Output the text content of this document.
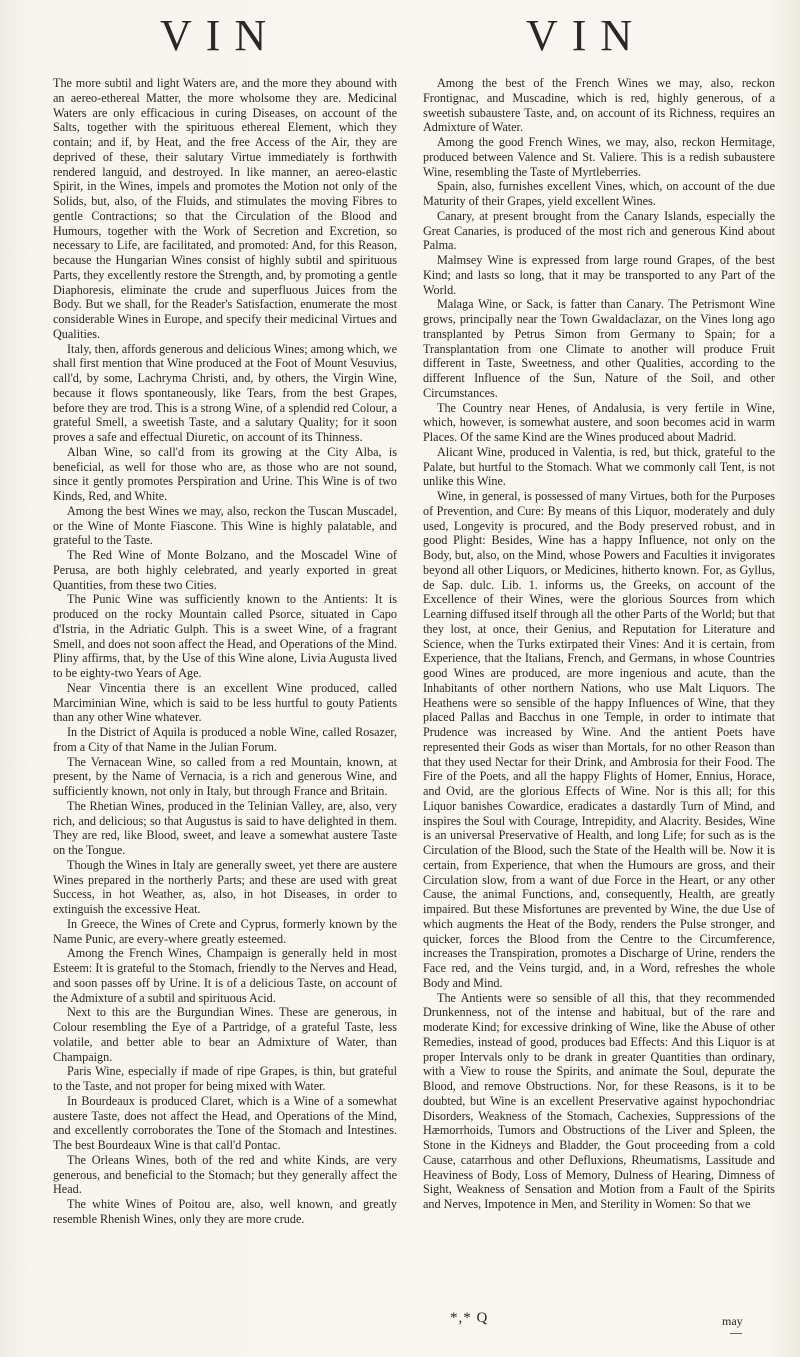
VIN	VIN

The more subtil and light Waters are, and the more they abound with an aereo-ethereal Matter, the more wholsome they are. Medicinal Waters are only efficacious in curing Diseases, on account of the Salts, together with the spirituous ethereal Element, which they contain; and if, by Heat, and the free Access of the Air, they are deprived of these, their salutary Virtue immediately is forthwith rendered languid, and destroyed. In like manner, an aereo-elastic Spirit, in the Wines, impels and promotes the Motion not only of the Solids, but, also, of the Fluids, and stimulates the moving Fibres to gentle Contractions; so that the Circulation of the Blood and Humours, together with the Work of Secretion and Excretion, so necessary to Life, are facilitated, and promoted: And, for this Reason, because the Hungarian Wines consist of highly subtil and spirituous Parts, they excellently restore the Strength, and, by promoting a gentle Diaphoresis, eliminate the crude and superfluous Juices from the Body. But we shall, for the Reader's Satisfaction, enumerate the most considerable Wines in Europe, and specify their medicinal Virtues and Qualities.

Italy, then, affords generous and delicious Wines; among which, we shall first mention that Wine produced at the Foot of Mount Vesuvius, call'd, by some, Lachryma Christi, and, by others, the Virgin Wine, because it flows spontaneously, like Tears, from the best Grapes, before they are trod. This is a strong Wine, of a splendid red Colour, a grateful Smell, a sweetish Taste, and a salutary Quality; for it soon proves a safe and effectual Diuretic, on account of its Thinness.

Alban Wine, so call'd from its growing at the City Alba, is beneficial, as well for those who are, as those who are not sound, since it gently promotes Perspiration and Urine. This Wine is of two Kinds, Red, and White.

Among the best Wines we may, also, reckon the Tuscan Muscadel, or the Wine of Monte Fiascone. This Wine is highly palatable, and grateful to the Taste.

The Red Wine of Monte Bolzano, and the Moscadel Wine of Perusa, are both highly celebrated, and yearly exported in great Quantities, from these two Cities.

The Punic Wine was sufficiently known to the Antients: It is produced on the rocky Mountain called Psorce, situated in Capo d'Istria, in the Adriatic Gulph. This is a sweet Wine, of a fragrant Smell, and does not soon affect the Head, and Operations of the Mind. Pliny affirms, that, by the Use of this Wine alone, Livia Augusta lived to be eighty-two Years of Age.

Near Vincentia there is an excellent Wine produced, called Marciminian Wine, which is said to be less hurtful to gouty Patients than any other Wine whatever.

In the District of Aquila is produced a noble Wine, called Rosazer, from a City of that Name in the Julian Forum.

The Vernacean Wine, so called from a red Mountain, known, at present, by the Name of Vernacia, is a rich and generous Wine, and sufficiently known, not only in Italy, but through France and Britain.

The Rhetian Wines, produced in the Telinian Valley, are, also, very rich, and delicious; so that Augustus is said to have delighted in them. They are red, like Blood, sweet, and leave a somewhat austere Taste on the Tongue.

Though the Wines in Italy are generally sweet, yet there are austere Wines prepared in the northerly Parts; and these are used with great Success, in hot Weather, as, also, in hot Diseases, in order to extinguish the excessive Heat.

In Greece, the Wines of Crete and Cyprus, formerly known by the Name Punic, are every-where greatly esteemed.

Among the French Wines, Champaign is generally held in most Esteem: It is grateful to the Stomach, friendly to the Nerves and Head, and soon passes off by Urine. It is of a delicious Taste, on account of the Admixture of a subtil and spirituous Acid.

Next to this are the Burgundian Wines. These are generous, in Colour resembling the Eye of a Partridge, of a grateful Taste, less volatile, and better able to bear an Admixture of Water, than Champaign.

Paris Wine, especially if made of ripe Grapes, is thin, but grateful to the Taste, and not proper for being mixed with Water.

In Bourdeaux is produced Claret, which is a Wine of a somewhat austere Taste, does not affect the Head, and Operations of the Mind, and excellently corroborates the Tone of the Stomach and Intestines. The best Bourdeaux Wine is that call'd Pontac.

The Orleans Wines, both of the red and white Kinds, are very generous, and beneficial to the Stomach; but they generally affect the Head.

The white Wines of Poitou are, also, well known, and greatly resemble Rhenish Wines, only they are more crude.

Among the best of the French Wines we may, also, reckon Frontignac, and Muscadine, which is red, highly generous, of a sweetish subaustere Taste, and, on account of its Richness, requires an Admixture of Water.

Among the good French Wines, we may, also, reckon Hermitage, produced between Valence and St. Valiere. This is a redish subaustere Wine, resembling the Taste of Myrtleberries.

Spain, also, furnishes excellent Vines, which, on account of the due Maturity of their Grapes, yield excellent Wines.

Canary, at present brought from the Canary Islands, especially the Great Canaries, is produced of the most rich and generous Kind about Palma.

Malmsey Wine is expressed from large round Grapes, of the best Kind; and lasts so long, that it may be transported to any Part of the World.

Malaga Wine, or Sack, is fatter than Canary. The Petrismont Wine grows, principally near the Town Gwaldaclazar, on the Vines long ago transplanted by Petrus Simon from Germany to Spain; for a Transplantation from one Climate to another will produce Fruit different in Taste, Sweetness, and other Qualities, according to the different Influence of the Sun, Nature of the Soil, and other Circumstances.

The Country near Henes, of Andalusia, is very fertile in Wine, which, however, is somewhat austere, and soon becomes acid in warm Places. Of the same Kind are the Wines produced about Madrid.

Alicant Wine, produced in Valentia, is red, but thick, grateful to the Palate, but hurtful to the Stomach. What we commonly call Tent, is not unlike this Wine.

Wine, in general, is possessed of many Virtues, both for the Purposes of Prevention, and Cure: By means of this Liquor, moderately and duly used, Longevity is procured, and the Body preserved robust, and in good Plight: Besides, Wine has a happy Influence, not only on the Body, but, also, on the Mind, whose Powers and Faculties it invigorates beyond all other Liquors, or Medicines, hitherto known. For, as Gyllus, de Sap. dulc. Lib. 1. informs us, the Greeks, on account of the Excellence of their Wines, were the glorious Sources from which Learning diffused itself through all the other Parts of the World; but that they lost, at once, their Genius, and Reputation for Literature and Science, when the Turks extirpated their Vines: And it is certain, from Experience, that the Italians, French, and Germans, in whose Countries good Wines are produced, are more ingenious and acute, than the Inhabitants of other northern Nations, who use Malt Liquors. The Heathens were so sensible of the happy Influences of Wine, that they placed Pallas and Bacchus in one Temple, in order to intimate that Prudence was increased by Wine. And the antient Poets have represented their Gods as wiser than Mortals, for no other Reason than that they used Nectar for their Drink, and Ambrosia for their Food. The Fire of the Poets, and all the happy Flights of Homer, Ennius, Horace, and Ovid, are the glorious Effects of Wine. Nor is this all; for this Liquor banishes Cowardice, eradicates a dastardly Turn of Mind, and inspires the Soul with Courage, Intrepidity, and Alacrity. Besides, Wine is an universal Preservative of Health, and long Life; for such as is the Circulation of the Blood, such the State of the Health will be. Now it is certain, from Experience, that when the Humours are gross, and their Circulation slow, from a want of due Force in the Heart, or any other Cause, the animal Functions, and, consequently, Health, are greatly impaired. But these Misfortunes are prevented by Wine, the due Use of which augments the Heat of the Body, renders the Pulse stronger, and quicker, forces the Blood from the Centre to the Circumference, increases the Transpiration, promotes a Discharge of Urine, renders the Face red, and the Veins turgid, and, in a Word, refreshes the whole Body and Mind.

The Antients were so sensible of all this, that they recommended Drunkenness, not of the intense and habitual, but of the rare and moderate Kind; for excessive drinking of Wine, like the Abuse of other Remedies, instead of good, produces bad Effects: And this Liquor is at proper Intervals only to be drank in greater Quantities than ordinary, with a View to rouse the Spirits, and animate the Soul, depurate the Blood, and remove Obstructions. Nor, for these Reasons, is it to be doubted, but Wine is an excellent Preservative against hypochondriac Disorders, Weakness of the Stomach, Cachexies, Suppressions of the Hæmorrhoids, Tumors and Obstructions of the Liver and Spleen, the Stone in the Kidneys and Bladder, the Gout proceeding from a cold Cause, catarrhous and other Defluxions, Rheumatisms, Lassitude and Heaviness of Body, Loss of Memory, Dulness of Hearing, Dimness of Sight, Weakness of Sensation and Motion from a Fault of the Spirits and Nerves, Impotence in Men, and Sterility in Women: So that we

*,* Q	may
